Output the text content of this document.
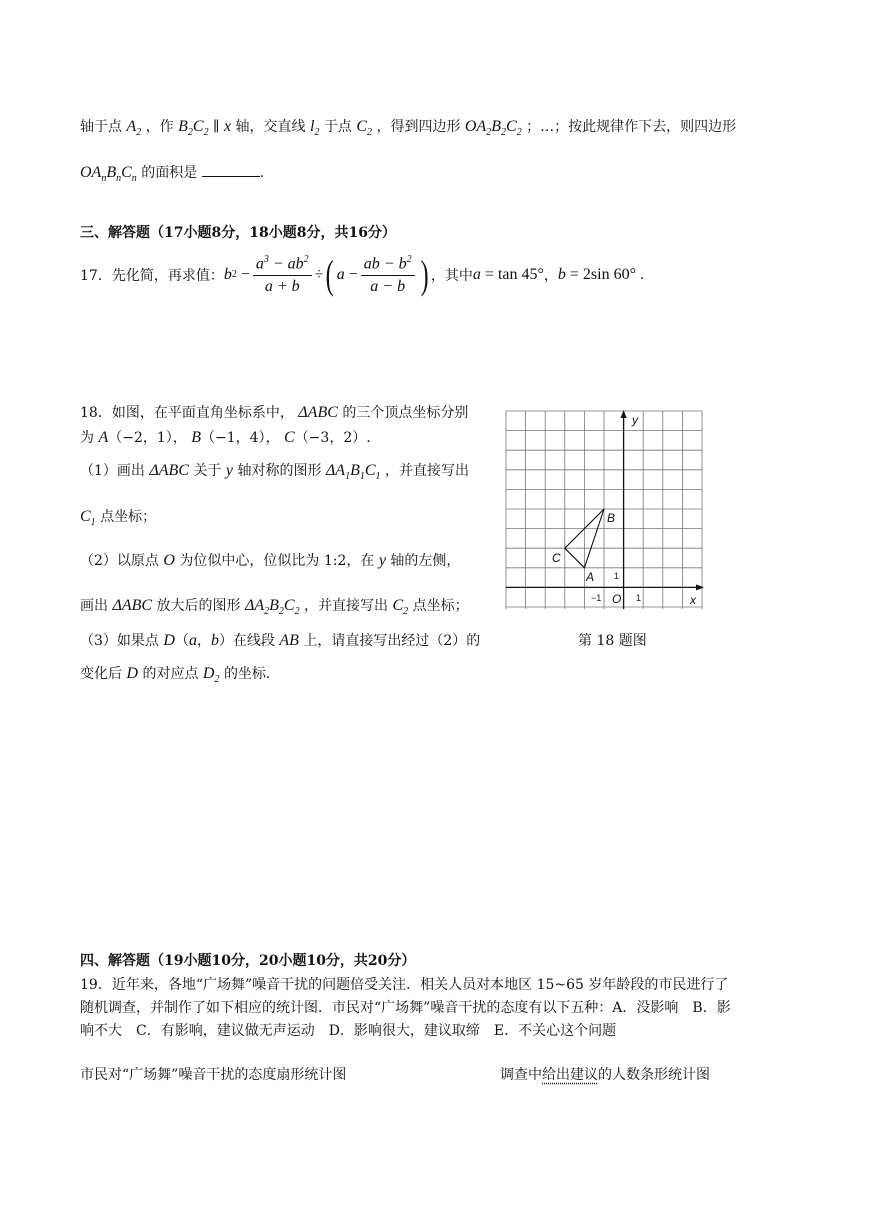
轴于点 $A_2$ ，作 $B_2C_2$ ∥ x 轴，交直线 $l_2$ 于点 $C_2$ ，得到四边形 $OA_2B_2C_2$ ；…；按此规律作下去，则四边形
$OA_nB_nC_n$ 的面积是	.
三、解答题（17小题8分，18小题8分，共16分）
17．先化简，再求值： b $2 - \frac{a^3 - ab^2}{a + b}$ ÷ ( $a - \frac{ab - b^2}{a - b}$ ) ，其中 a = tan 45° ， b = 2sin 60° .
18．如图，在平面直角坐标系中， ΔABC 的三个顶点坐标分别
为 A（−2，1）， B（−1，4）， C（−3，2）.
（1）画出 ΔABC 关于 y 轴对称的图形 $\Delta A_1B_1C_1$ ，并直接写出
$C_1$ 点坐标；
（2）以原点 O 为位似中心，位似比为 1:2，在 y 轴的左侧，
画出 ΔABC 放大后的图形 $\Delta A_2B_2C_2$ ，并直接写出 $C_2$ 点坐标；
（3）如果点 D（a，b）在线段 AB 上，请直接写出经过（2）的	第 18 题图
变化后 D 的对应点 $D_2$ 的坐标.
y
x
O
A
B
C
1
−1	1
四、解答题（19小题10分，20小题10分，共20分）
19．近年来，各地“广场舞”噪音干扰的问题倍受关注．相关人员对本地区 15~65 岁年龄段的市民进行了
随机调查，并制作了如下相应的统计图．市民对“广场舞”噪音干扰的态度有以下五种：A．没影响　B．影
响不大　C．有影响，建议做无声运动　D．影响很大，建议取缔　E．不关心这个问题
市民对“广场舞”噪音干扰的态度扇形统计图	调查中给出建议的人数条形统计图
